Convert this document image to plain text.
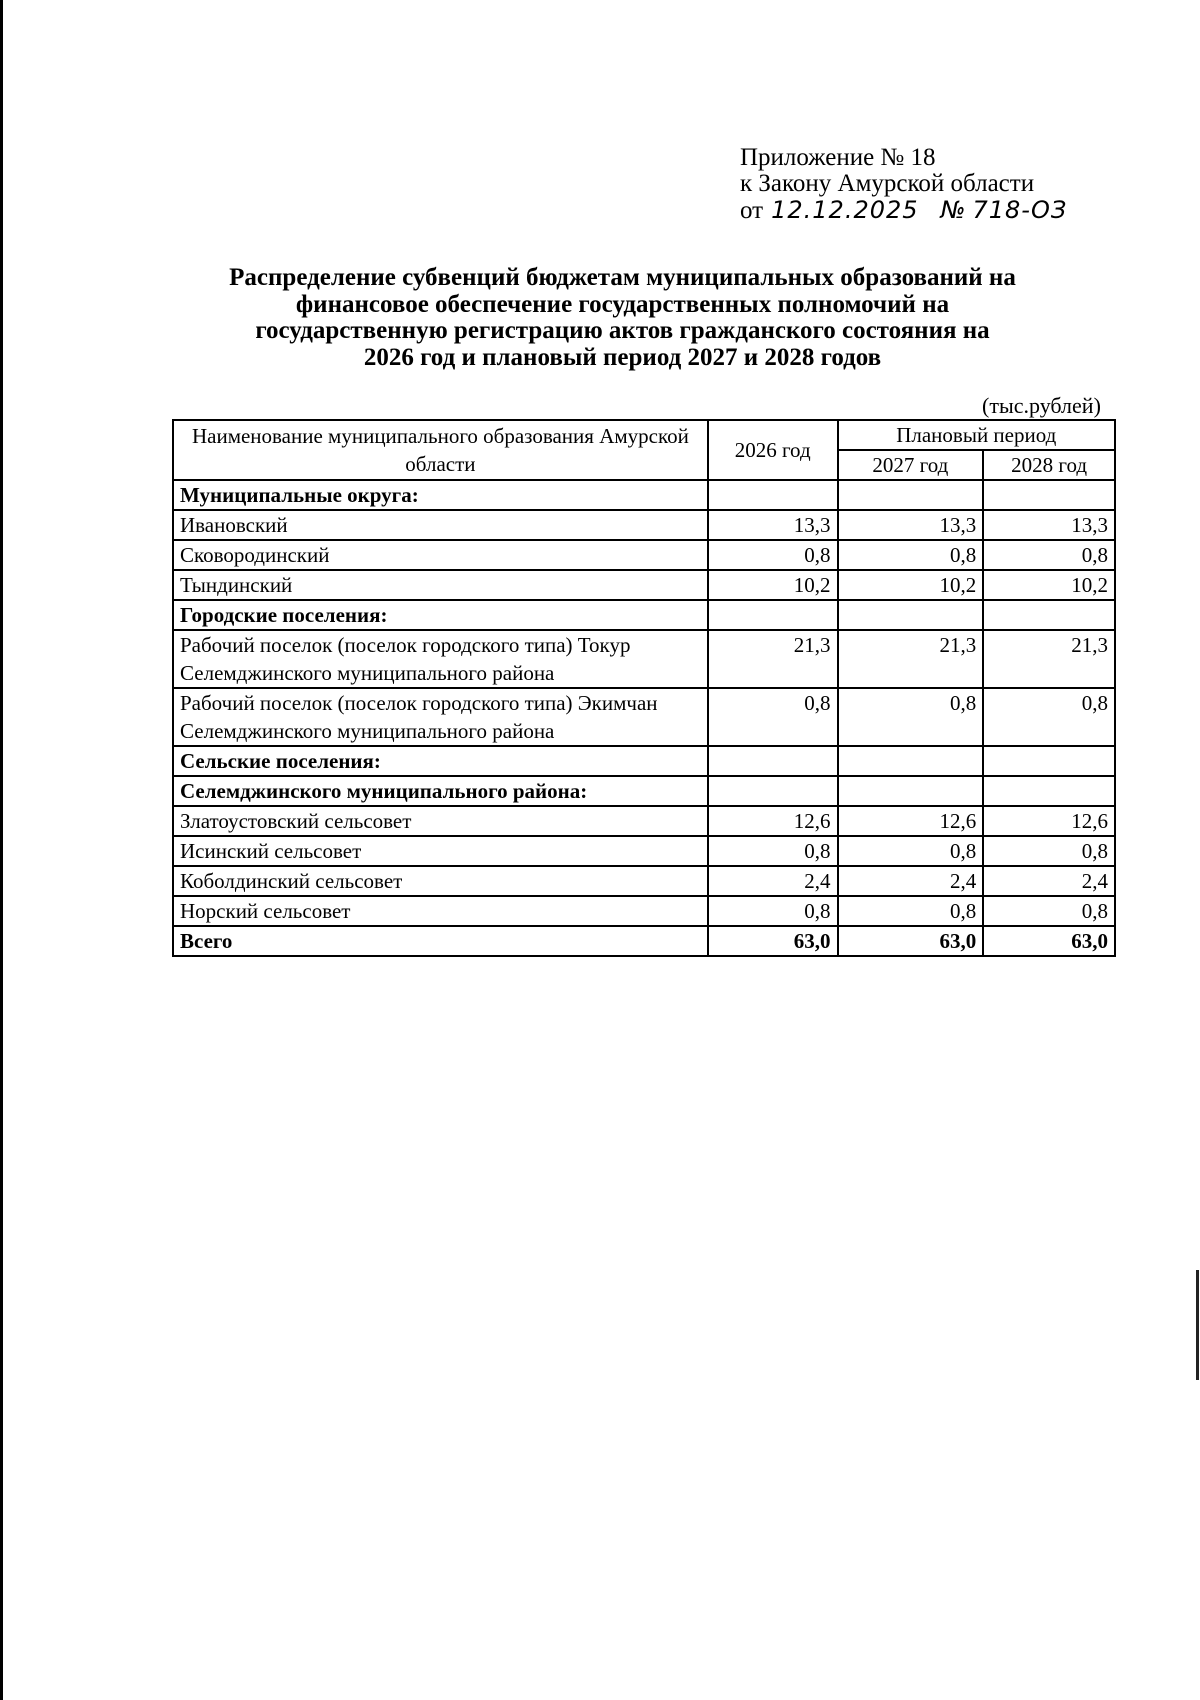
Приложение № 18
к Закону Амурской области
от 12.12.2025 № 718-ОЗ
Распределение субвенций бюджетам муниципальных образований на
финансовое обеспечение государственных полномочий на
государственную регистрацию актов гражданского состояния на
2026 год и плановый период 2027 и 2028 годов
(тыс.рублей)
Наименование муниципального образования Амурской области	2026 год	Плановый период	
		2027 год	2028 год
Муниципальные округа:			
Ивановский	13,3	13,3	13,3
Сковородинский	0,8	0,8	0,8
Тындинский	10,2	10,2	10,2
Городские поселения:			
Рабочий поселок (поселок городского типа) Токур Селемджинского муниципального района	21,3	21,3	21,3
Рабочий поселок (поселок городского типа) Экимчан Селемджинского муниципального района	0,8	0,8	0,8
Сельские поселения:			
Селемджинского муниципального района:			
Златоустовский сельсовет	12,6	12,6	12,6
Исинский сельсовет	0,8	0,8	0,8
Коболдинский сельсовет	2,4	2,4	2,4
Норский сельсовет	0,8	0,8	0,8
Всего	63,0	63,0	63,0
